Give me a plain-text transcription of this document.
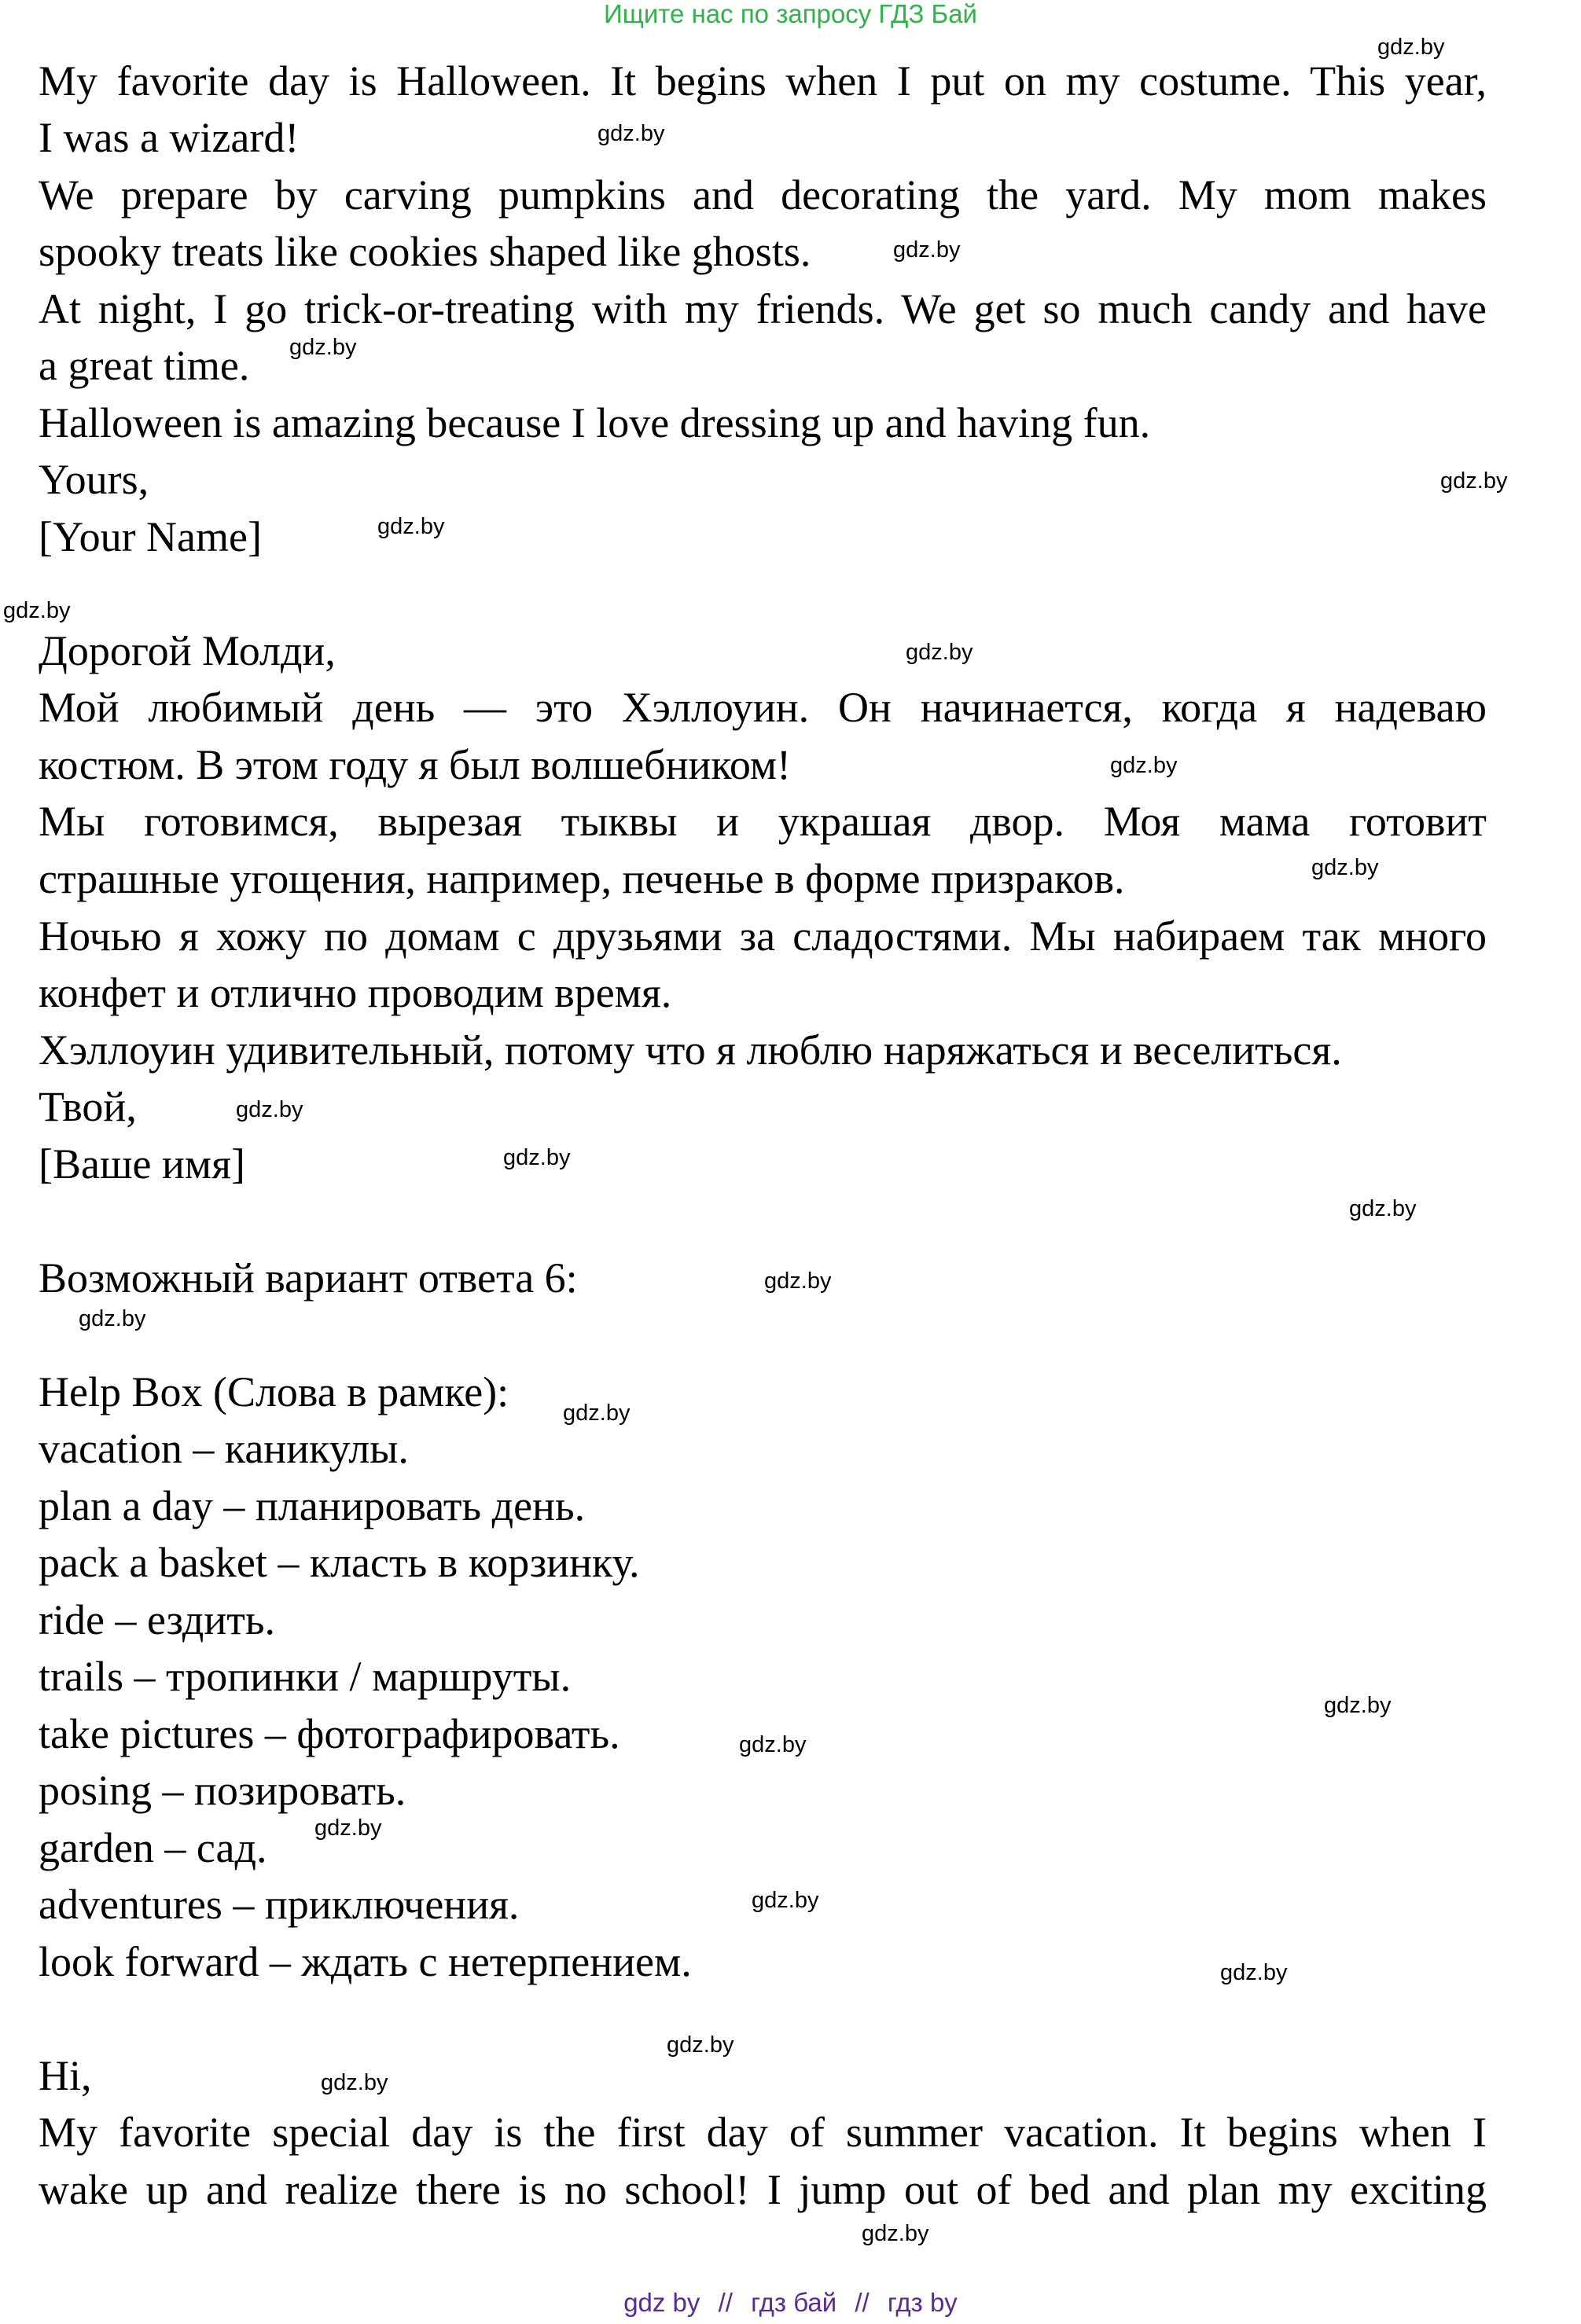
Ищите нас по запросу ГДЗ Бай
My favorite day is Halloween. It begins when I put on my costume. This year,
I was a wizard!
We prepare by carving pumpkins and decorating the yard. My mom makes
spooky treats like cookies shaped like ghosts.
At night, I go trick-or-treating with my friends. We get so much candy and have
a great time.
Halloween is amazing because I love dressing up and having fun.
Yours,
[Your Name]
Дорогой Молди,
Мой любимый день — это Хэллоуин. Он начинается, когда я надеваю
костюм. В этом году я был волшебником!
Мы готовимся, вырезая тыквы и украшая двор. Моя мама готовит
страшные угощения, например, печенье в форме призраков.
Ночью я хожу по домам с друзьями за сладостями. Мы набираем так много
конфет и отлично проводим время.
Хэллоуин удивительный, потому что я люблю наряжаться и веселиться.
Твой,
[Ваше имя]
Возможный вариант ответа 6:
Help Box (Слова в рамке):
vacation – каникулы.
plan a day – планировать день.
pack a basket – класть в корзинку.
ride – ездить.
trails – тропинки / маршруты.
take pictures – фотографировать.
posing – позировать.
garden – сад.
adventures – приключения.
look forward – ждать с нетерпением.
Hi,
My favorite special day is the first day of summer vacation. It begins when I
wake up and realize there is no school! I jump out of bed and plan my exciting
gdz.by
gdz.by
gdz.by
gdz.by
gdz.by
gdz.by
gdz.by
gdz.by
gdz.by
gdz.by
gdz.by
gdz.by
gdz.by
gdz.by
gdz.by
gdz.by
gdz.by
gdz.by
gdz.by
gdz.by
gdz.by
gdz.by
gdz.by
gdz.by
gdz by // гдз бай // гдз by
